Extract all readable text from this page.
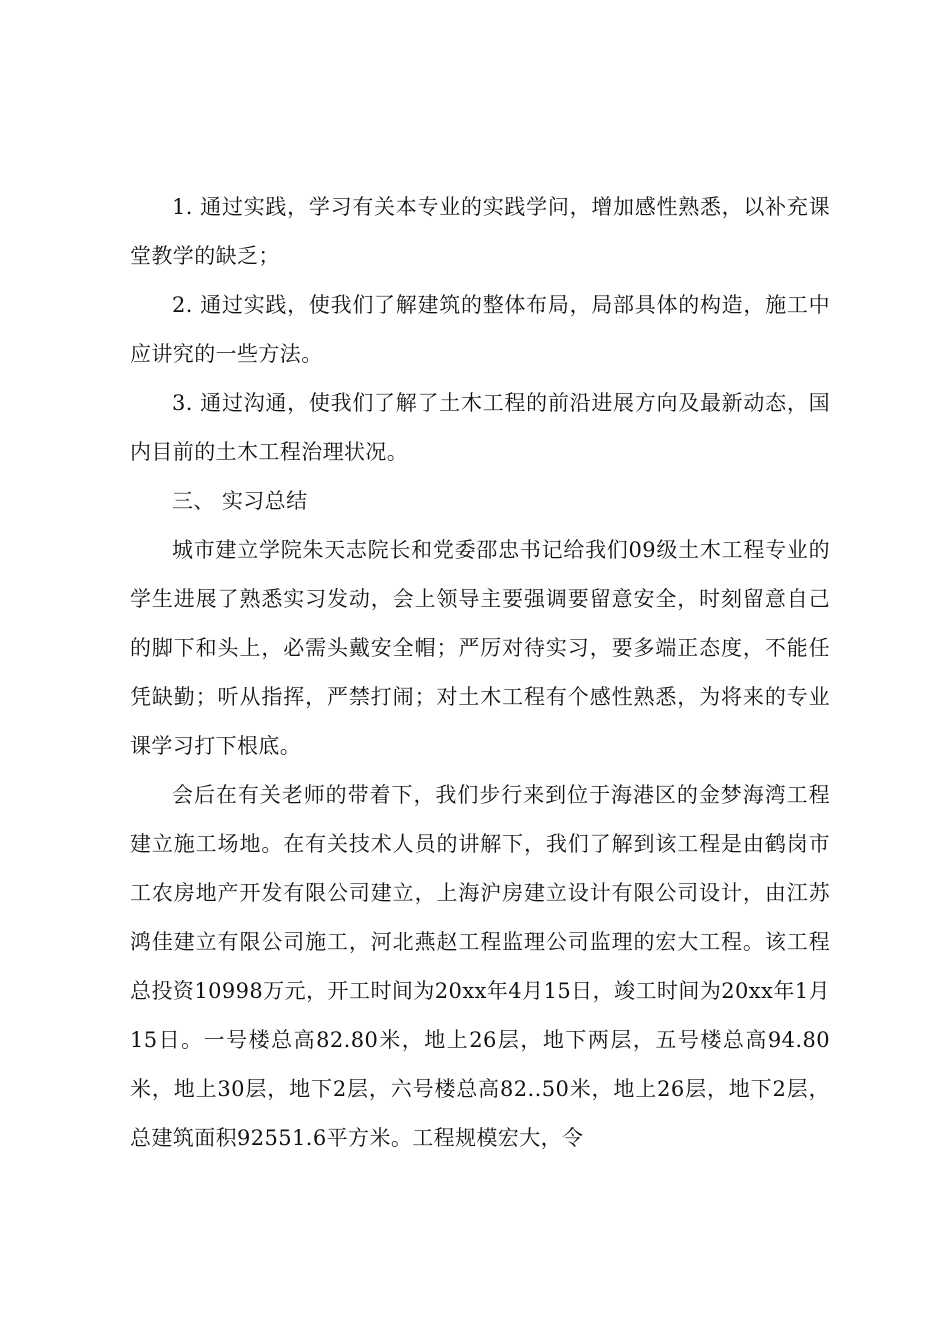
1. 通过实践，学习有关本专业的实践学问，增加感性熟悉，以补充课堂教学的缺乏；

2. 通过实践，使我们了解建筑的整体布局，局部具体的构造，施工中应讲究的一些方法。

3. 通过沟通，使我们了解了土木工程的前沿进展方向及最新动态，国内目前的土木工程治理状况。

三、 实习总结

城市建立学院朱天志院长和党委邵忠书记给我们09级土木工程专业的学生进展了熟悉实习发动，会上领导主要强调要留意安全，时刻留意自己的脚下和头上，必需头戴安全帽；严厉对待实习，要多端正态度，不能任凭缺勤；听从指挥，严禁打闹；对土木工程有个感性熟悉，为将来的专业课学习打下根底。

会后在有关老师的带着下，我们步行来到位于海港区的金梦海湾工程建立施工场地。在有关技术人员的讲解下，我们了解到该工程是由鹤岗市工农房地产开发有限公司建立，上海沪房建立设计有限公司设计，由江苏鸿佳建立有限公司施工，河北燕赵工程监理公司监理的宏大工程。该工程 总投资10998万元，开工时间为20xx年4月15日，竣工时间为20xx年1月15日。一号楼总高82.80米，地上26层，地下两层，五号楼总高94.80米，地上30层，地下2层，六号楼总高82..50米，地上26层，地下2层，总建筑面积92551.6平方米。工程规模宏大，令
